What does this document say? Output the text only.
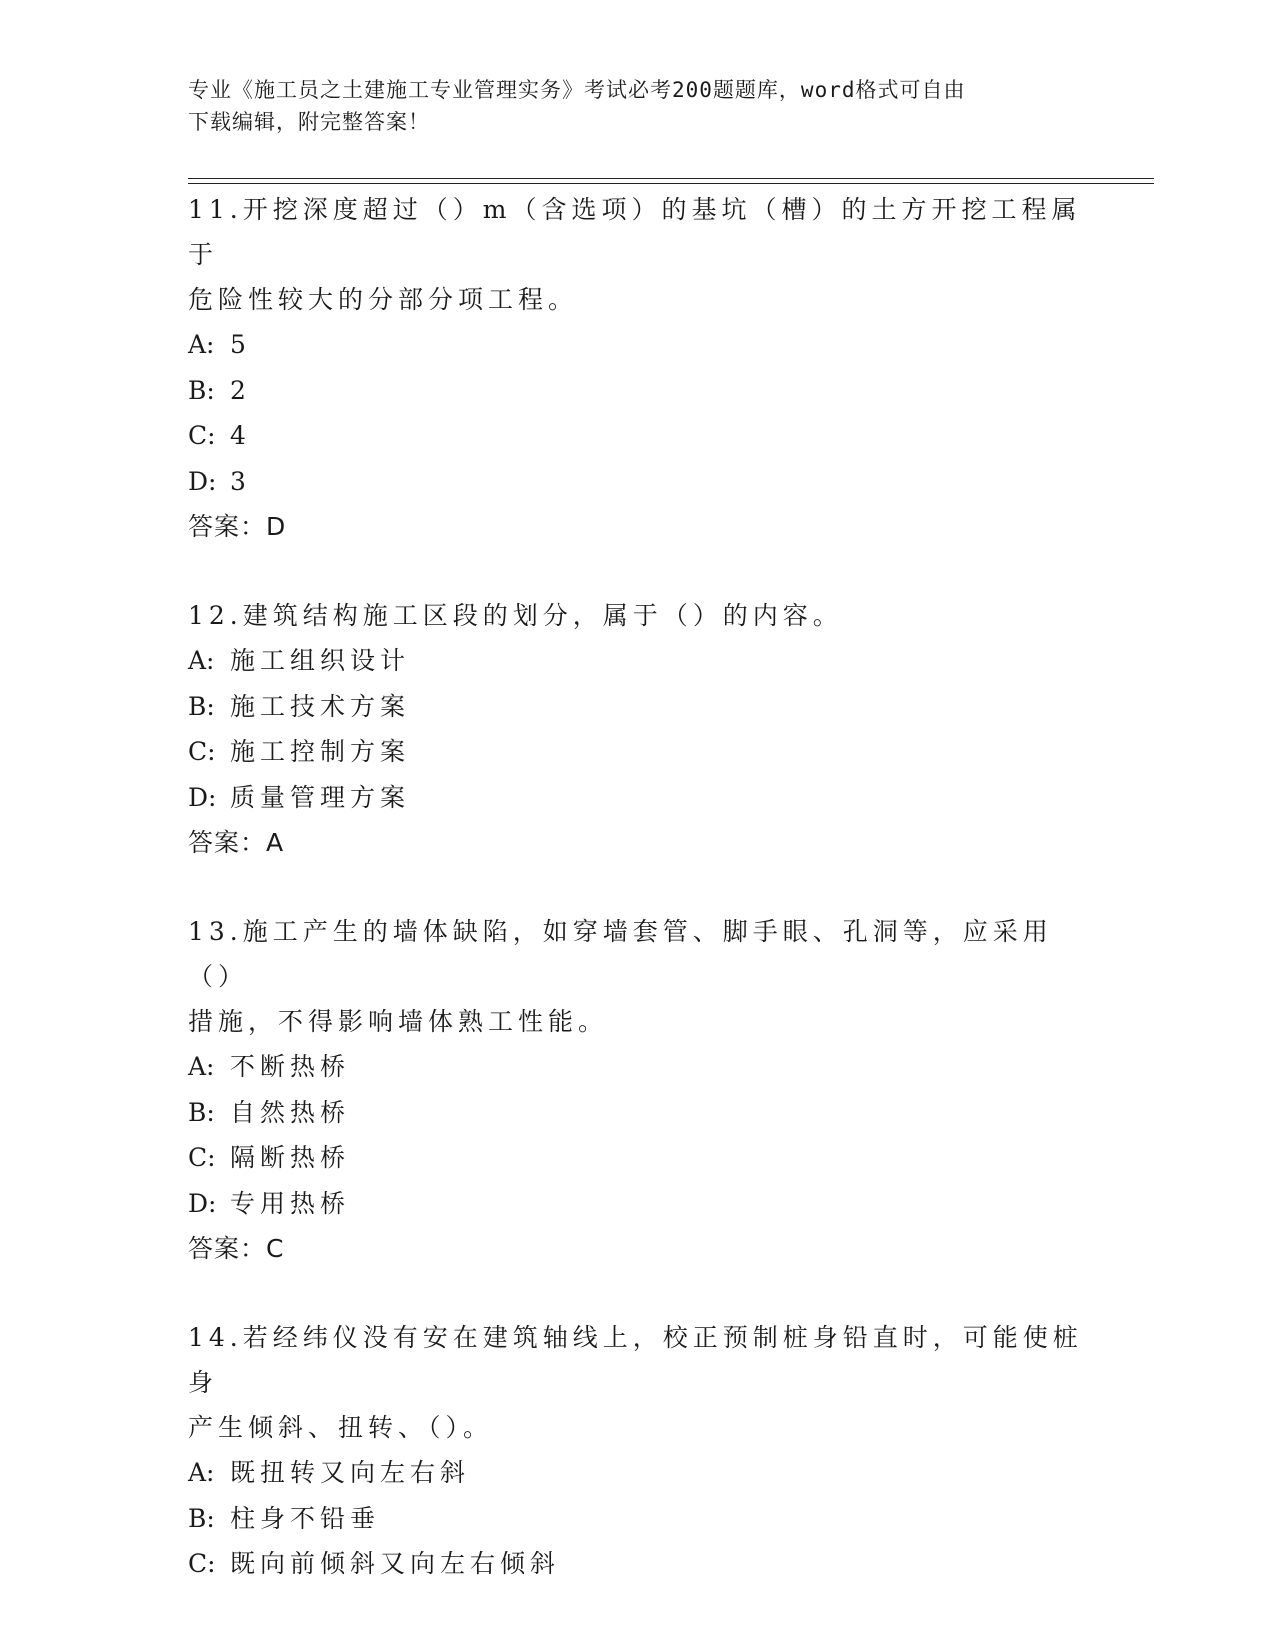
专业《施工员之土建施工专业管理实务》考试必考200题题库，word格式可自由
下载编辑，附完整答案！
11.开挖深度超过（）m（含选项）的基坑（槽）的土方开挖工程属于
危险性较大的分部分项工程。
A: 5
B: 2
C: 4
D: 3
答案：D
12.建筑结构施工区段的划分，属于（）的内容。
A: 施工组织设计
B: 施工技术方案
C: 施工控制方案
D: 质量管理方案
答案：A
13.施工产生的墙体缺陷，如穿墙套管、脚手眼、孔洞等，应采用（）
措施，不得影响墙体熟工性能。
A: 不断热桥
B: 自然热桥
C: 隔断热桥
D: 专用热桥
答案：C
14.若经纬仪没有安在建筑轴线上，校正预制桩身铅直时，可能使桩身
产生倾斜、扭转、（）。
A: 既扭转又向左右斜
B: 柱身不铅垂
C: 既向前倾斜又向左右倾斜
